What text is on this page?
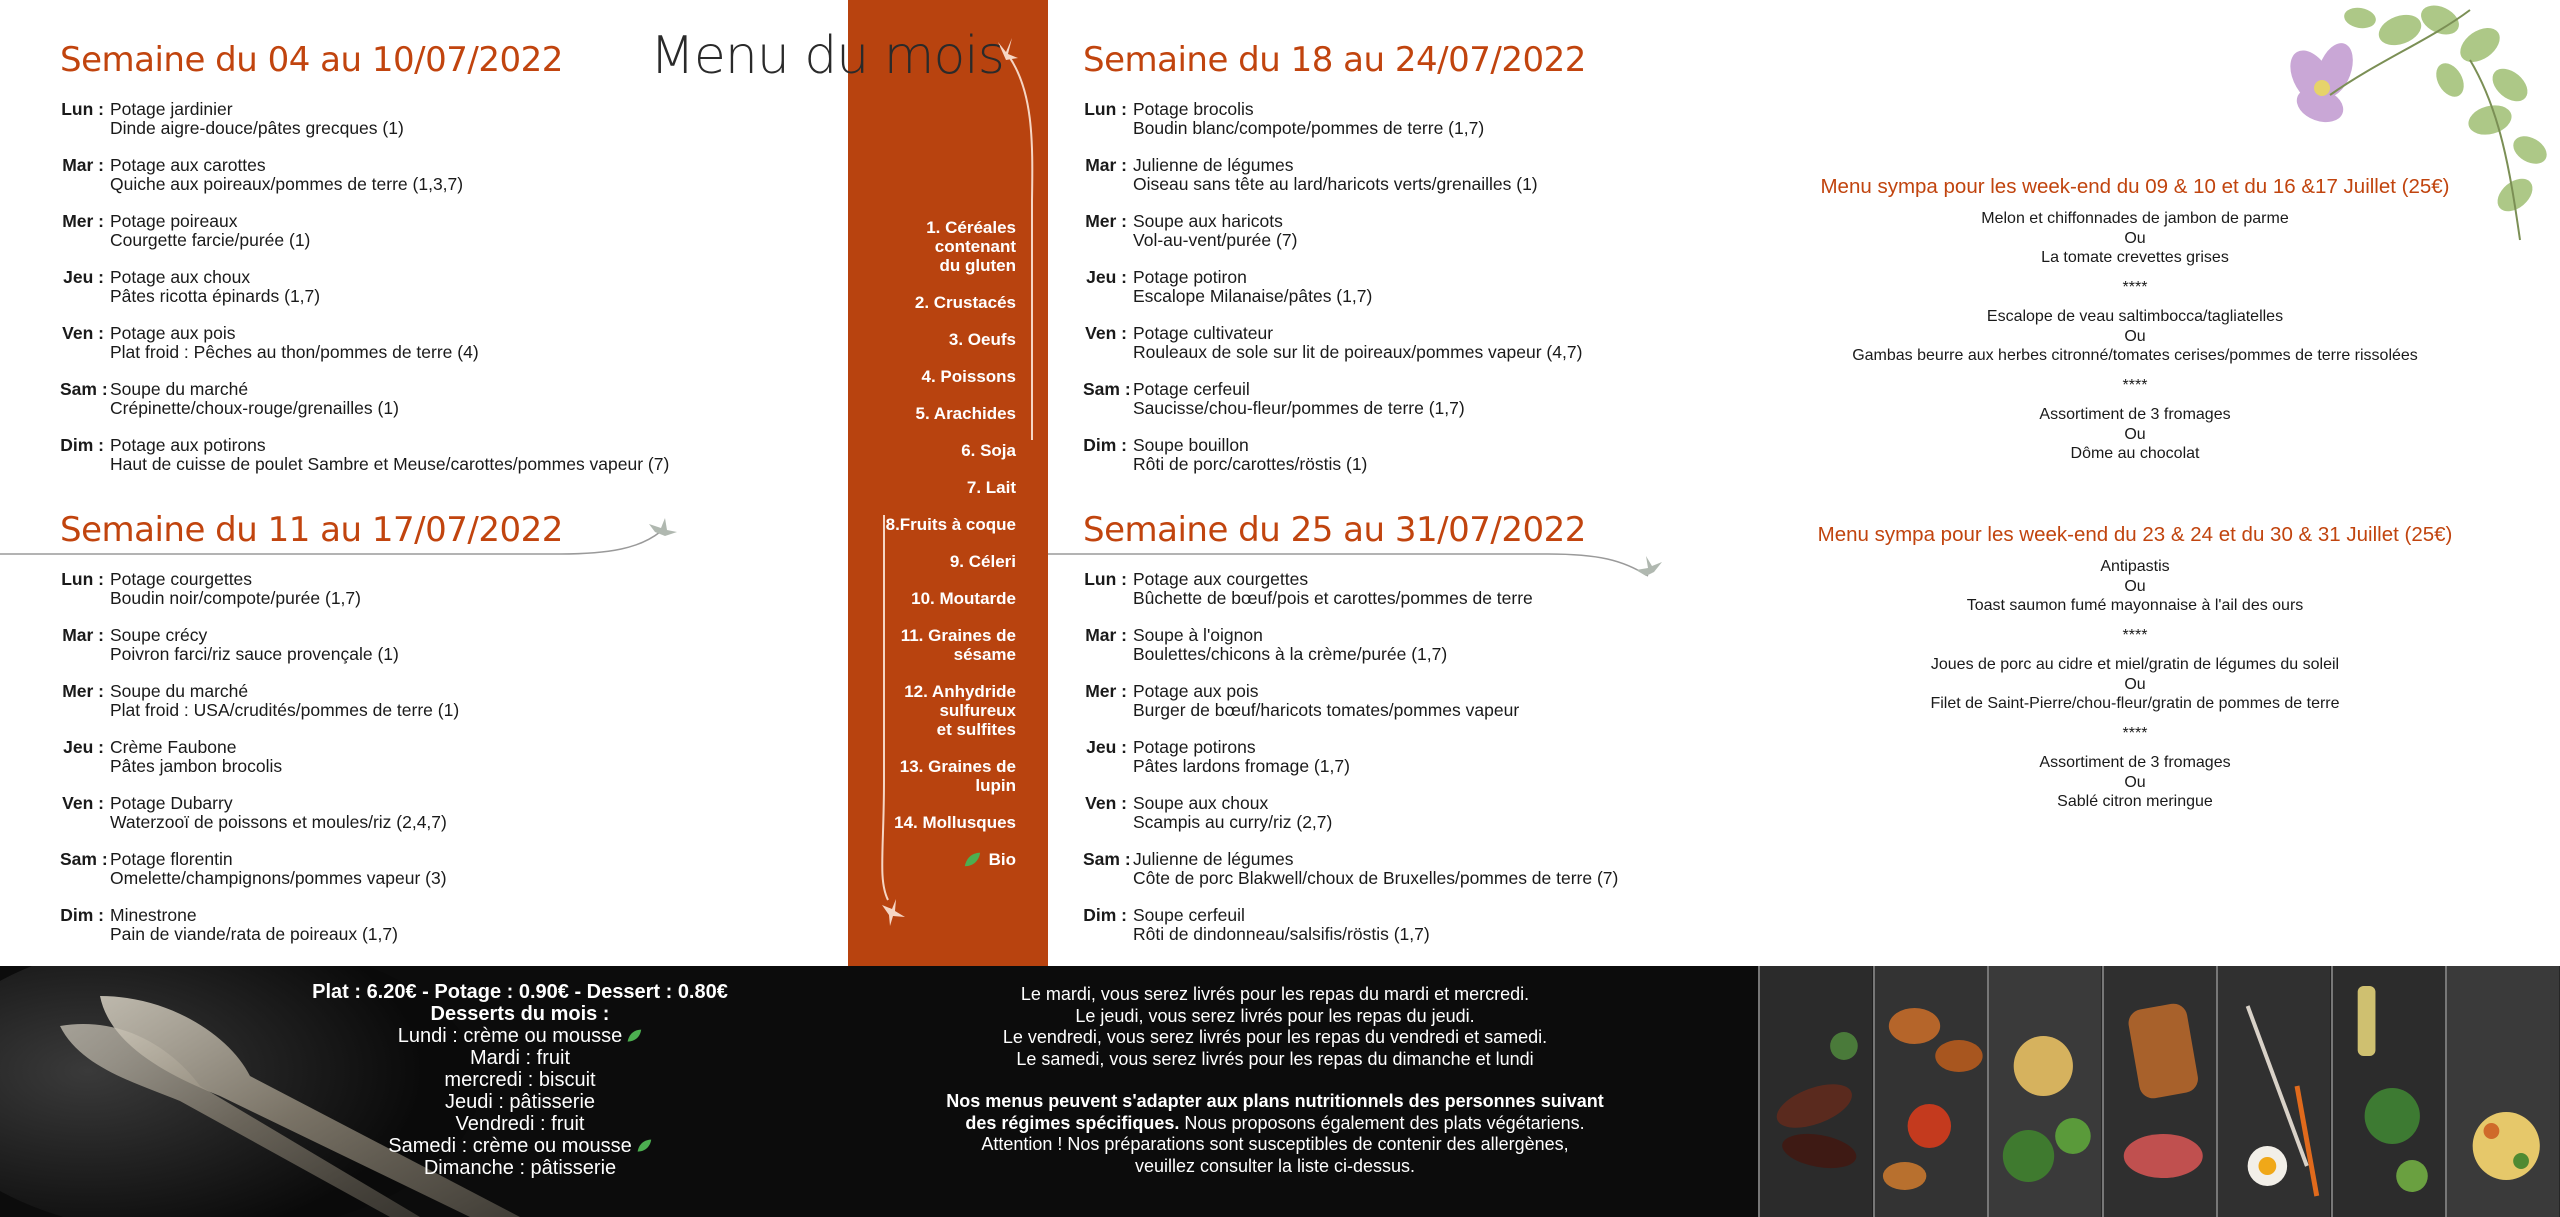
Menu du mois
Semaine du 04 au 10/07/2022
Lun : Potage jardinier
Dinde aigre-douce/pâtes grecques (1)
Mar : Potage aux carottes
Quiche aux poireaux/pommes de terre (1,3,7)
Mer : Potage poireaux
Courgette farcie/purée (1)
Jeu : Potage aux choux
Pâtes ricotta épinards (1,7)
Ven : Potage aux pois
Plat froid : Pêches au thon/pommes de terre (4)
Sam : Soupe du marché
Crépinette/choux-rouge/grenailles (1)
Dim : Potage aux potirons
Haut de cuisse de poulet Sambre et Meuse/carottes/pommes vapeur (7)
Semaine du 11 au 17/07/2022
Lun : Potage courgettes
Boudin noir/compote/purée (1,7)
Mar : Soupe crécy
Poivron farci/riz sauce provençale (1)
Mer : Soupe du marché
Plat froid : USA/crudités/pommes de terre (1)
Jeu : Crème Faubone
Pâtes jambon brocolis
Ven : Potage Dubarry
Waterzooï de poissons et moules/riz (2,4,7)
Sam : Potage florentin
Omelette/champignons/pommes vapeur (3)
Dim : Minestrone
Pain de viande/rata de poireaux (1,7)
Semaine du 18 au 24/07/2022
Lun : Potage brocolis
Boudin blanc/compote/pommes de terre (1,7)
Mar : Julienne de légumes
Oiseau sans tête au lard/haricots verts/grenailles (1)
Mer : Soupe aux haricots
Vol-au-vent/purée (7)
Jeu : Potage potiron
Escalope Milanaise/pâtes (1,7)
Ven : Potage cultivateur
Rouleaux de sole sur lit de poireaux/pommes vapeur (4,7)
Sam : Potage cerfeuil
Saucisse/chou-fleur/pommes de terre (1,7)
Dim : Soupe bouillon
Rôti de porc/carottes/röstis (1)
Semaine du 25 au 31/07/2022
Lun : Potage aux courgettes
Bûchette de bœuf/pois et carottes/pommes de terre
Mar : Soupe à l'oignon
Boulettes/chicons à la crème/purée (1,7)
Mer : Potage aux pois
Burger de bœuf/haricots tomates/pommes vapeur
Jeu : Potage potirons
Pâtes lardons fromage (1,7)
Ven : Soupe aux choux
Scampis au curry/riz (2,7)
Sam : Julienne de légumes
Côte de porc Blakwell/choux de Bruxelles/pommes de terre (7)
Dim : Soupe cerfeuil
Rôti de dindonneau/salsifis/röstis (1,7)
1. Céréales
contenant
du gluten
2. Crustacés
3. Oeufs
4. Poissons
5. Arachides
6. Soja
7. Lait
8.Fruits à coque
9. Céleri
10. Moutarde
11. Graines de
sésame
12. Anhydride
sulfureux
et sulfites
13. Graines de
lupin
14. Mollusques
Bio
Menu sympa pour les week-end du 09 & 10 et du 16 &17 Juillet (25€)
Melon et chiffonnades de jambon de parme
Ou
La tomate crevettes grises
****
Escalope de veau saltimbocca/tagliatelles
Ou
Gambas beurre aux herbes citronné/tomates cerises/pommes de terre rissolées
****
Assortiment de 3 fromages
Ou
Dôme au chocolat
Menu sympa pour les week-end du 23 & 24 et du 30 & 31 Juillet (25€)
Antipastis
Ou
Toast saumon fumé mayonnaise à l'ail des ours
****
Joues de porc au cidre et miel/gratin de légumes du soleil
Ou
Filet de Saint-Pierre/chou-fleur/gratin de pommes de terre
****
Assortiment de 3 fromages
Ou
Sablé citron meringue
Plat : 6.20€ - Potage : 0.90€ - Dessert : 0.80€
Desserts du mois :
Lundi : crème ou mousse
Mardi : fruit
mercredi : biscuit
Jeudi : pâtisserie
Vendredi : fruit
Samedi : crème ou mousse
Dimanche : pâtisserie
Le mardi, vous serez livrés pour les repas du mardi et mercredi.
Le jeudi, vous serez livrés pour les repas du jeudi.
Le vendredi, vous serez livrés pour les repas du vendredi et samedi.
Le samedi, vous serez livrés pour les repas du dimanche et lundi
Nos menus peuvent s'adapter aux plans nutritionnels des personnes suivant
des régimes spécifiques. Nous proposons également des plats végétariens.
Attention ! Nos préparations sont susceptibles de contenir des allergènes,
veuillez consulter la liste ci-dessus.
